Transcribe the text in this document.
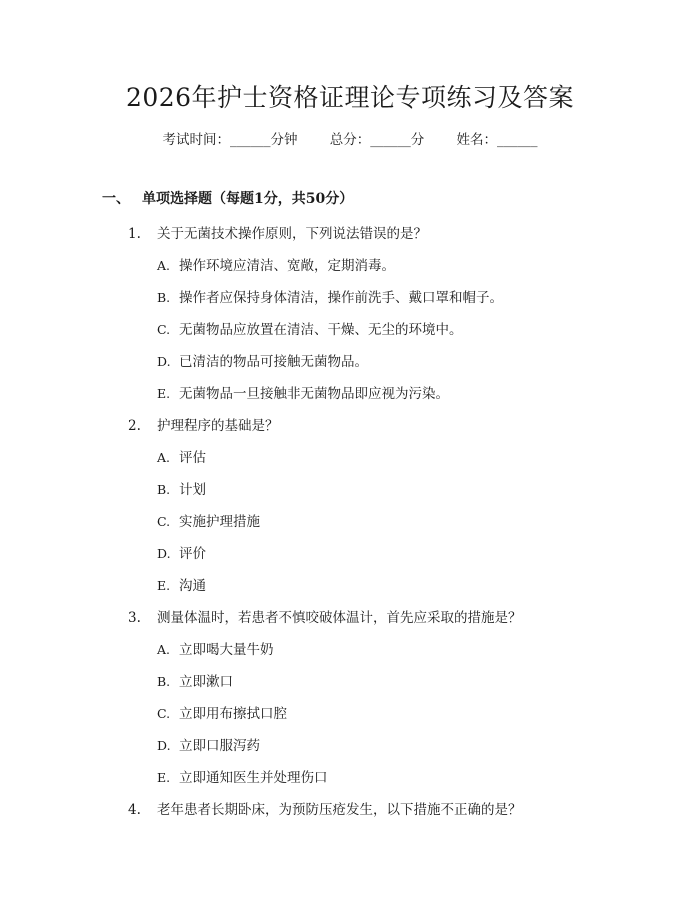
2026年护士资格证理论专项练习及答案
考试时间：______分钟 总分：______分 姓名：______
一、 单项选择题（每题1分，共50分）
1. 关于无菌技术操作原则，下列说法错误的是？
A. 操作环境应清洁、宽敞，定期消毒。
B. 操作者应保持身体清洁，操作前洗手、戴口罩和帽子。
C. 无菌物品应放置在清洁、干燥、无尘的环境中。
D. 已清洁的物品可接触无菌物品。
E. 无菌物品一旦接触非无菌物品即应视为污染。
2. 护理程序的基础是？
A. 评估
B. 计划
C. 实施护理措施
D. 评价
E. 沟通
3. 测量体温时，若患者不慎咬破体温计，首先应采取的措施是？
A. 立即喝大量牛奶
B. 立即漱口
C. 立即用布擦拭口腔
D. 立即口服泻药
E. 立即通知医生并处理伤口
4. 老年患者长期卧床，为预防压疮发生，以下措施不正确的是？
